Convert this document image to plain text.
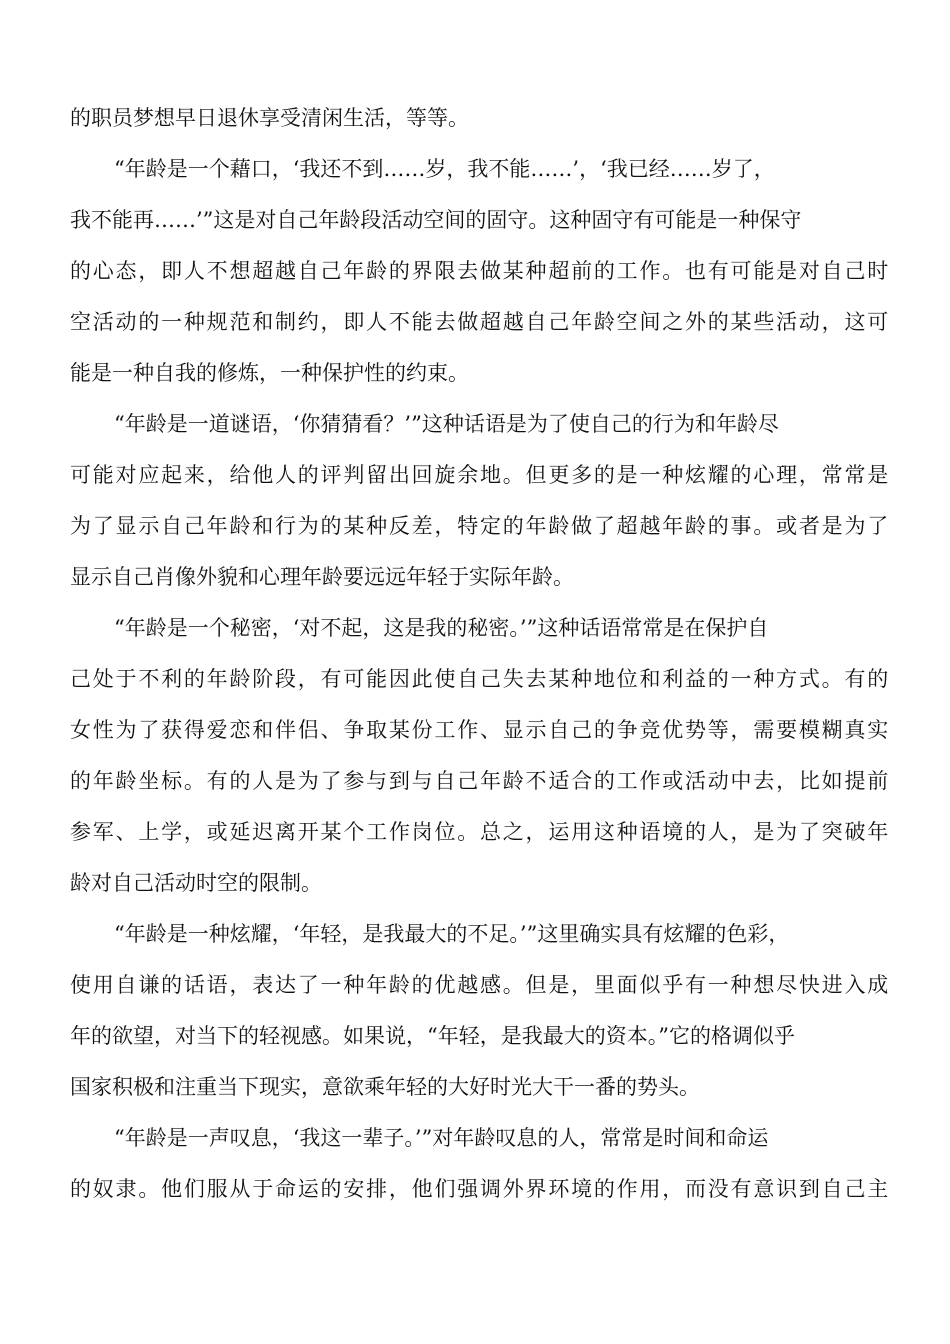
的职员梦想早日退休享受清闲生活，等等。
“年龄是一个藉口，‘我还不到……岁，我不能……’，‘我已经……岁了，
我不能再……’”这是对自己年龄段活动空间的固守。这种固守有可能是一种保守
的心态，即人不想超越自己年龄的界限去做某种超前的工作。也有可能是对自己时
空活动的一种规范和制约，即人不能去做超越自己年龄空间之外的某些活动，这可
能是一种自我的修炼，一种保护性的约束。
“年龄是一道谜语，‘你猜猜看？’”这种话语是为了使自己的行为和年龄尽
可能对应起来，给他人的评判留出回旋余地。但更多的是一种炫耀的心理，常常是
为了显示自己年龄和行为的某种反差，特定的年龄做了超越年龄的事。或者是为了
显示自己肖像外貌和心理年龄要远远年轻于实际年龄。
“年龄是一个秘密，‘对不起，这是我的秘密。’”这种话语常常是在保护自
己处于不利的年龄阶段，有可能因此使自己失去某种地位和利益的一种方式。有的
女性为了获得爱恋和伴侣、争取某份工作、显示自己的争竞优势等，需要模糊真实
的年龄坐标。有的人是为了参与到与自己年龄不适合的工作或活动中去，比如提前
参军、上学，或延迟离开某个工作岗位。总之，运用这种语境的人，是为了突破年
龄对自己活动时空的限制。
“年龄是一种炫耀，‘年轻，是我最大的不足。’”这里确实具有炫耀的色彩，
使用自谦的话语，表达了一种年龄的优越感。但是，里面似乎有一种想尽快进入成
年的欲望，对当下的轻视感。如果说，“年轻，是我最大的资本。”它的格调似乎
国家积极和注重当下现实，意欲乘年轻的大好时光大干一番的势头。
“年龄是一声叹息，‘我这一辈子。’”对年龄叹息的人，常常是时间和命运
的奴隶。他们服从于命运的安排，他们强调外界环境的作用，而没有意识到自己主
